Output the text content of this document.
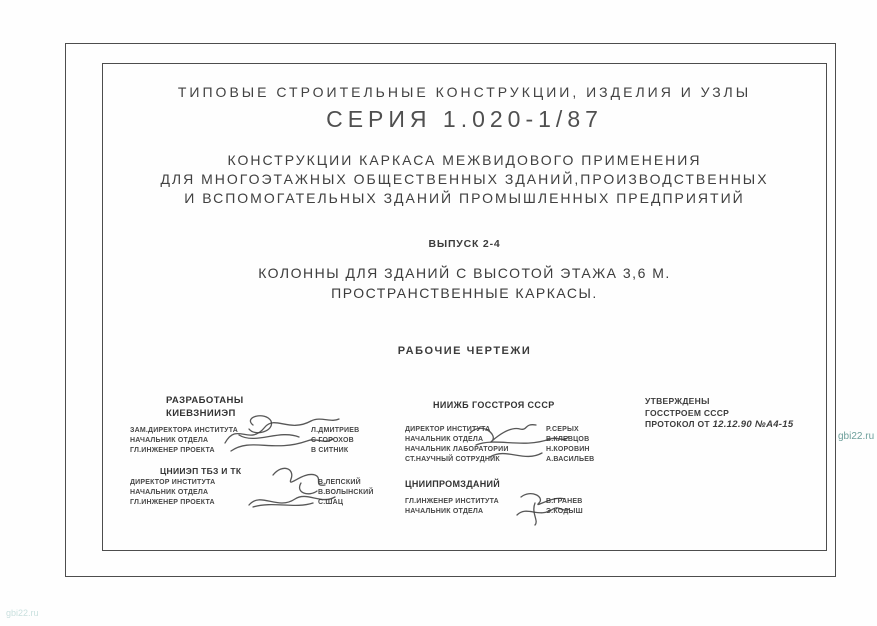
ТИПОВЫЕ СТРОИТЕЛЬНЫЕ КОНСТРУКЦИИ, ИЗДЕЛИЯ И УЗЛЫ
СЕРИЯ 1.020-1/87
КОНСТРУКЦИИ КАРКАСА МЕЖВИДОВОГО ПРИМЕНЕНИЯ
ДЛЯ МНОГОЭТАЖНЫХ ОБЩЕСТВЕННЫХ ЗДАНИЙ,ПРОИЗВОДСТВЕННЫХ
И ВСПОМОГАТЕЛЬНЫХ ЗДАНИЙ ПРОМЫШЛЕННЫХ ПРЕДПРИЯТИЙ
ВЫПУСК 2-4
КОЛОННЫ ДЛЯ ЗДАНИЙ С ВЫСОТОЙ ЭТАЖА 3,6 М.
ПРОСТРАНСТВЕННЫЕ КАРКАСЫ.
РАБОЧИЕ ЧЕРТЕЖИ
РАЗРАБОТАНЫ
КИЕВЗНИИЭП
ЗАМ.ДИРЕКТОРА ИНСТИТУТА	Л.ДМИТРИЕВ
НАЧАЛЬНИК ОТДЕЛА	С ГОРОХОВ
ГЛ.ИНЖЕНЕР ПРОЕКТА	В СИТНИК
ЦНИИЭП ТБЗ И ТК
ДИРЕКТОР ИНСТИТУТА	В.ЛЕПСКИЙ
НАЧАЛЬНИК ОТДЕЛА	В.ВОЛЫНСКИЙ
ГЛ.ИНЖЕНЕР ПРОЕКТА	С.ШАЦ
НИИЖБ ГОССТРОЯ СССР
ДИРЕКТОР ИНСТИТУТА	Р.СЕРЫХ
НАЧАЛЬНИК ОТДЕЛА	В.КЛЕВЦОВ
НАЧАЛЬНИК ЛАБОРАТОРИИ	Н.КОРОВИН
СТ.НАУЧНЫЙ СОТРУДНИК	А.ВАСИЛЬЕВ
ЦНИИПРОМЗДАНИЙ
ГЛ.ИНЖЕНЕР ИНСТИТУТА	В.ГРАНЕВ
НАЧАЛЬНИК ОТДЕЛА	Э.КОДЫШ
УТВЕРЖДЕНЫ
ГОССТРОЕМ СССР
ПРОТОКОЛ ОТ 12.12.90 №А4-15
gbi22.ru
gbi22.ru
